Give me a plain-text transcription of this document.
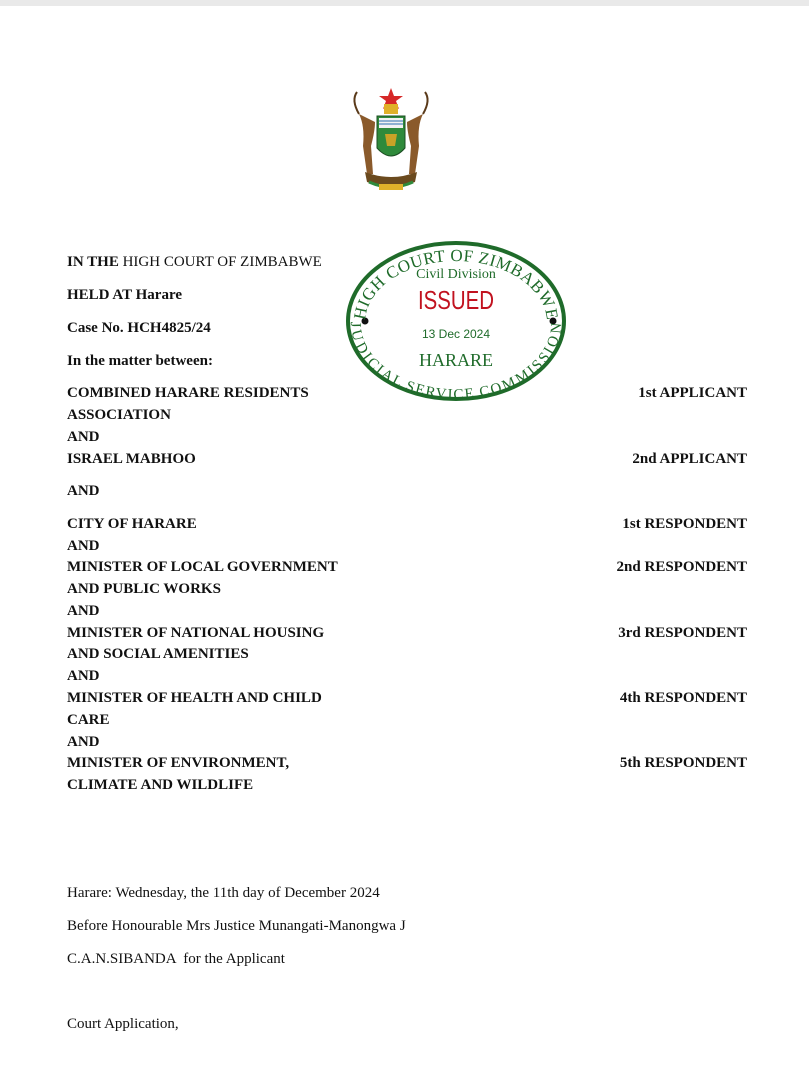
HIGH COURT OF ZIMBABWE
JUDICIAL SERVICE COMMISSION
Civil Division
ISSUED
13 Dec 2024
HARARE
IN THE HIGH COURT OF ZIMBABWE
HELD AT Harare
Case No. HCH4825/24
In the matter between:
COMBINED HARARE RESIDENTS
ASSOCIATION
1st APPLICANT
AND
ISRAEL MABHOO	2nd APPLICANT
AND
CITY OF HARARE	1st RESPONDENT
AND
MINISTER OF LOCAL GOVERNMENT
AND PUBLIC WORKS
2nd RESPONDENT
AND
MINISTER OF NATIONAL HOUSING
AND SOCIAL AMENITIES
3rd RESPONDENT
AND
MINISTER OF HEALTH AND CHILD
CARE
4th RESPONDENT
AND
MINISTER OF ENVIRONMENT,
CLIMATE AND WILDLIFE
5th RESPONDENT
Harare: Wednesday, the 11th day of December 2024
Before Honourable Mrs Justice Munangati-Manongwa J
C.A.N.SIBANDA  for the Applicant
Court Application,
